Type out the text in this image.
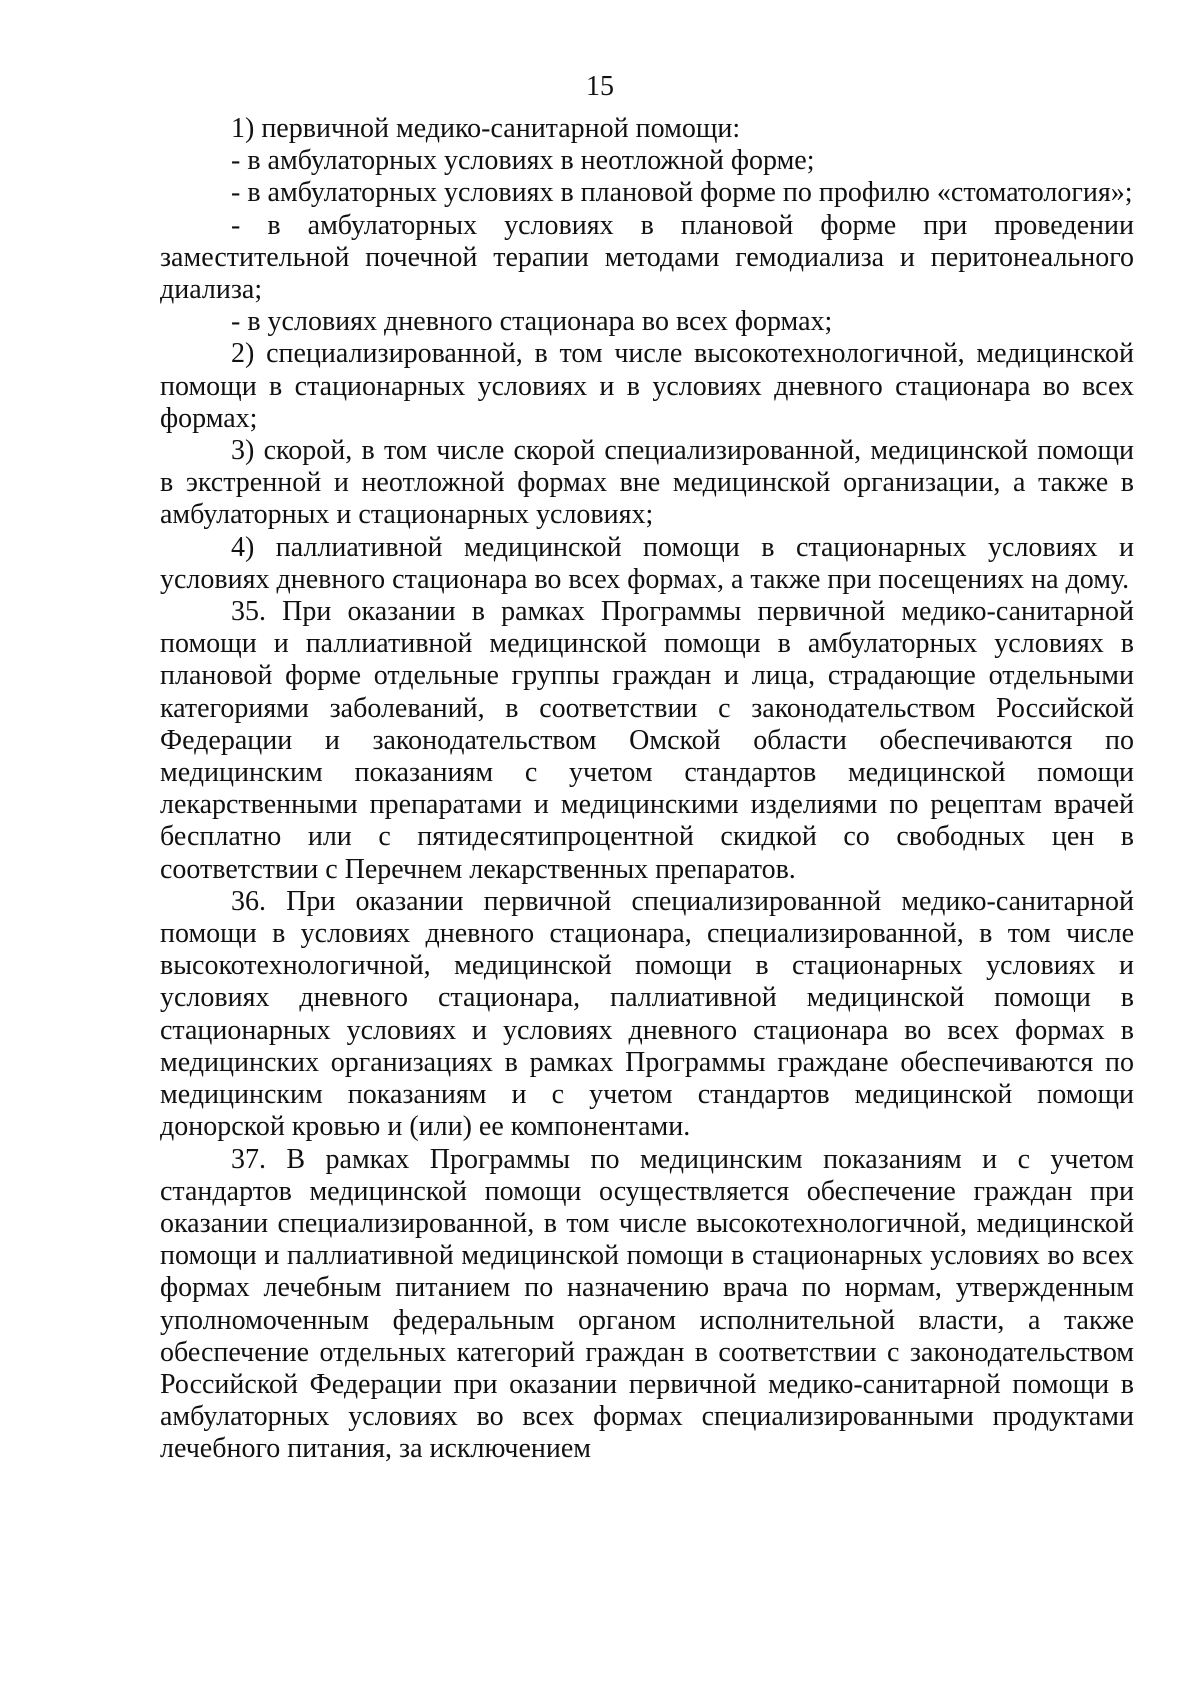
15

1) первичной медико-санитарной помощи:

- в амбулаторных условиях в неотложной форме;

- в амбулаторных условиях в плановой форме по профилю «стоматология»;

- в амбулаторных условиях в плановой форме при проведении заместительной почечной терапии методами гемодиализа и перитонеального диализа;

- в условиях дневного стационара во всех формах;

2) специализированной, в том числе высокотехнологичной, медицинской помощи в стационарных условиях и в условиях дневного стационара во всех формах;

3) скорой, в том числе скорой специализированной, медицинской помощи в экстренной и неотложной формах вне медицинской организации, а также в амбулаторных и стационарных условиях;

4) паллиативной медицинской помощи в стационарных условиях и условиях дневного стационара во всех формах, а также при посещениях на дому.

35. При оказании в рамках Программы первичной медико-санитарной помощи и паллиативной медицинской помощи в амбулаторных условиях в плановой форме отдельные группы граждан и лица, страдающие отдельными категориями заболеваний, в соответствии с законодательством Российской Федерации и законодательством Омской области обеспечиваются по медицинским показаниям с учетом стандартов медицинской помощи лекарственными препаратами и медицинскими изделиями по рецептам врачей бесплатно или с пятидесятипроцентной скидкой со свободных цен в соответствии с Перечнем лекарственных препаратов.

36. При оказании первичной специализированной медико-санитарной помощи в условиях дневного стационара, специализированной, в том числе высокотехнологичной, медицинской помощи в стационарных условиях и условиях дневного стационара, паллиативной медицинской помощи в стационарных условиях и условиях дневного стационара во всех формах в медицинских организациях в рамках Программы граждане обеспечиваются по медицинским показаниям и с учетом стандартов медицинской помощи донорской кровью и (или) ее компонентами.

37. В рамках Программы по медицинским показаниям и с учетом стандартов медицинской помощи осуществляется обеспечение граждан при оказании специализированной, в том числе высокотехнологичной, медицинской помощи и паллиативной медицинской помощи в стационарных условиях во всех формах лечебным питанием по назначению врача по нормам, утвержденным уполномоченным федеральным органом исполнительной власти, а также обеспечение отдельных категорий граждан в соответствии с законодательством Российской Федерации при оказании первичной медико-санитарной помощи в амбулаторных условиях во всех формах специализированными продуктами лечебного питания, за исключением
